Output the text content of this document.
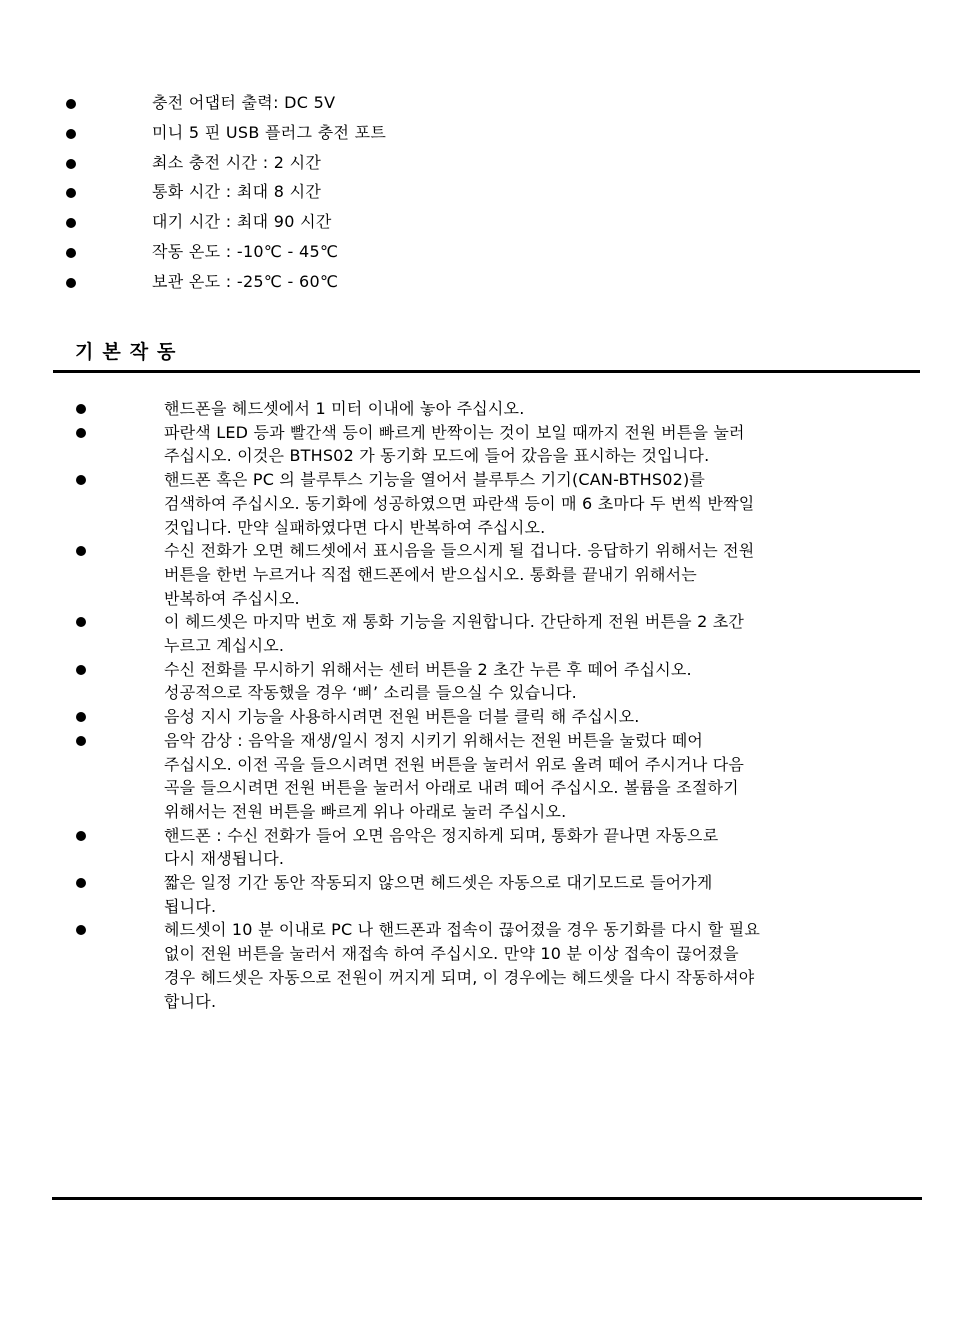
충전 어댑터 출력: DC 5V
미니 5 핀 USB 플러그 충전 포트
최소 충전 시간 : 2 시간
통화 시간 : 최대 8 시간
대기 시간 : 최대 90 시간
작동 온도 : -10℃ - 45℃
보관 온도 : -25℃ - 60℃
기본작동
핸드폰을 헤드셋에서 1 미터 이내에 놓아 주십시오.
파란색 LED 등과 빨간색 등이 빠르게 반짝이는 것이 보일 때까지 전원 버튼을 눌러
주십시오. 이것은 BTHS02 가 동기화 모드에 들어 갔음을 표시하는 것입니다.
핸드폰 혹은 PC 의 블루투스 기능을 열어서 블루투스 기기(CAN-BTHS02)를
검색하여 주십시오. 동기화에 성공하였으면 파란색 등이 매 6 초마다 두 번씩 반짝일
것입니다. 만약 실패하였다면 다시 반복하여 주십시오.
수신 전화가 오면 헤드셋에서 표시음을 들으시게 될 겁니다. 응답하기 위해서는 전원
버튼을 한번 누르거나 직접 핸드폰에서 받으십시오. 통화를 끝내기 위해서는
반복하여 주십시오.
이 헤드셋은 마지막 번호 재 통화 기능을 지원합니다. 간단하게 전원 버튼을 2 초간
누르고 계십시오.
수신 전화를 무시하기 위해서는 센터 버튼을 2 초간 누른 후 떼어 주십시오.
성공적으로 작동했을 경우 ‘삐’ 소리를 들으실 수 있습니다.
음성 지시 기능을 사용하시려면 전원 버튼을 더블 클릭 해 주십시오.
음악 감상 : 음악을 재생/일시 정지 시키기 위해서는 전원 버튼을 눌렀다 떼어
주십시오. 이전 곡을 들으시려면 전원 버튼을 눌러서 위로 올려 떼어 주시거나 다음
곡을 들으시려면 전원 버튼을 눌러서 아래로 내려 떼어 주십시오. 볼륨을 조절하기
위해서는 전원 버튼을 빠르게 위나 아래로 눌러 주십시오.
핸드폰 : 수신 전화가 들어 오면 음악은 정지하게 되며, 통화가 끝나면 자동으로
다시 재생됩니다.
짧은 일정 기간 동안 작동되지 않으면 헤드셋은 자동으로 대기모드로 들어가게
됩니다.
헤드셋이 10 분 이내로 PC 나 핸드폰과 접속이 끊어졌을 경우 동기화를 다시 할 필요
없이 전원 버튼을 눌러서 재접속 하여 주십시오. 만약 10 분 이상 접속이 끊어졌을
경우 헤드셋은 자동으로 전원이 꺼지게 되며, 이 경우에는 헤드셋을 다시 작동하셔야
합니다.
